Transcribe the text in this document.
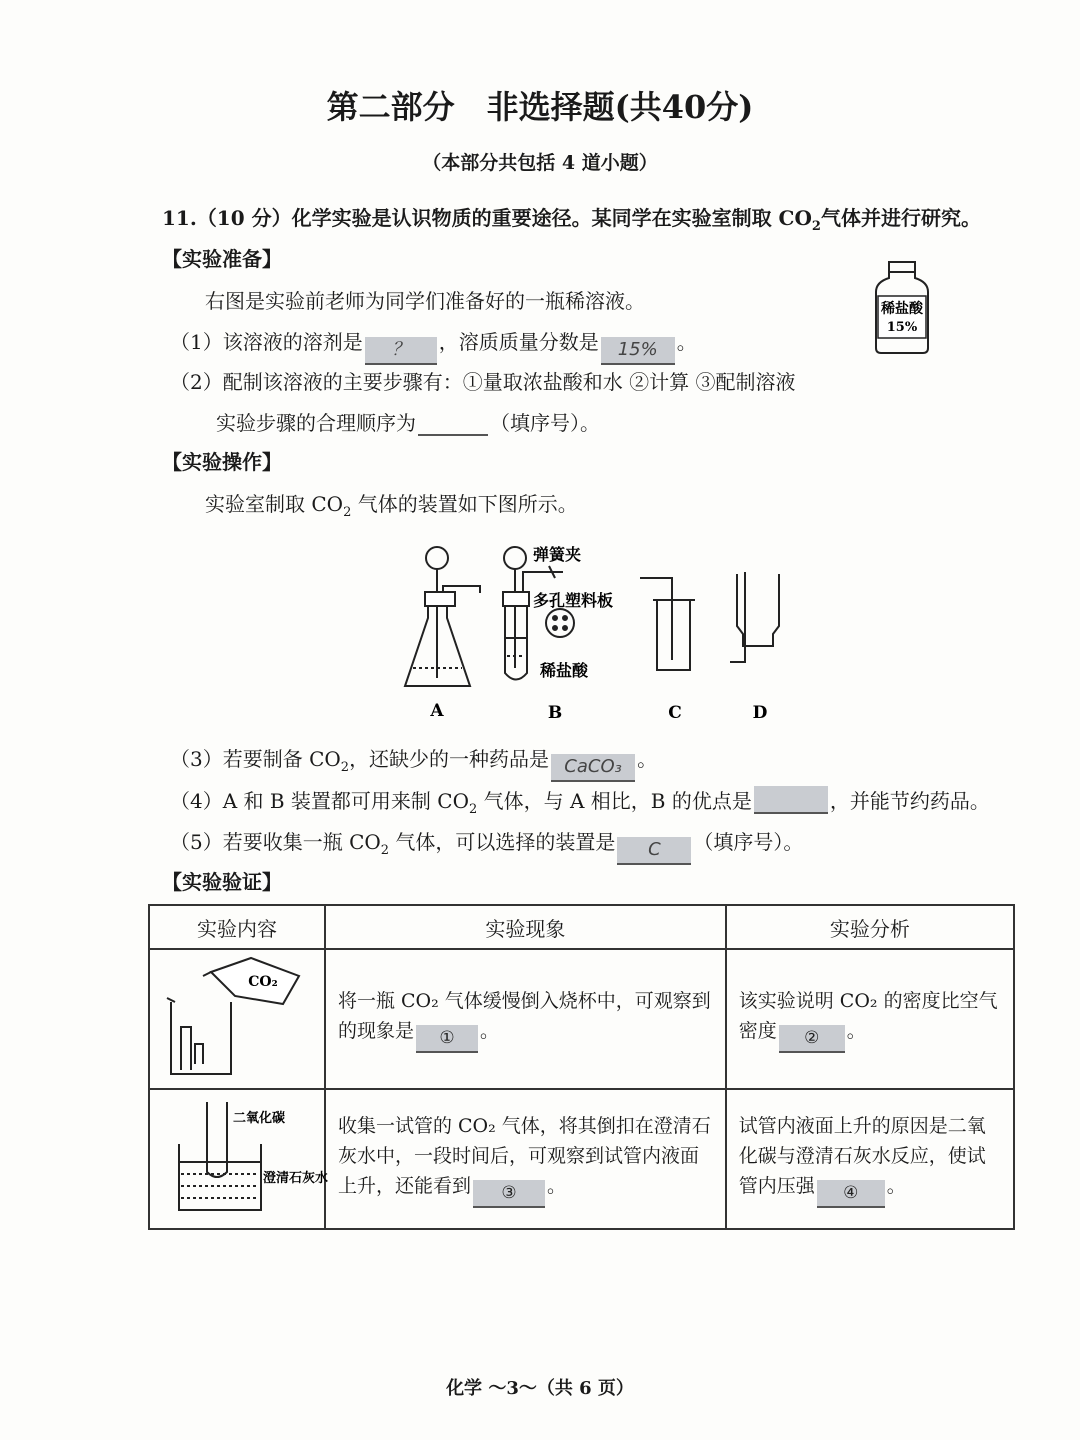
第二部分　非选择题(共40分)
（本部分共包括 4 道小题）
11.（10 分）化学实验是认识物质的重要途径。某同学在实验室制取 $CO_2$气体并进行研究。
【实验准备】
右图是实验前老师为同学们准备好的一瓶稀溶液。	稀盐酸
15%
（1）该溶液的溶剂是 ？ ，溶质质量分数是 15% 。
（2）配制该溶液的主要步骤有：①量取浓盐酸和水 ②计算 ③配制溶液
实验步骤的合理顺序为	（填序号）。
【实验操作】
实验室制取 $CO_2$ 气体的装置如下图所示。
A
弹簧夹
多孔塑料板
稀盐酸
B	C	D
（3）若要制备 $CO_2$，还缺少的一种药品是 CaCO₃ 。
（4）A 和 B 装置都可用来制 $CO_2$ 气体，与 A 相比，B 的优点是	，并能节约药品。
（5）若要收集一瓶 $CO_2$ 气体，可以选择的装置是 C （填序号）。
【实验验证】
实验内容	实验现象	实验分析

CO₂	将一瓶 CO₂ 气体缓慢倒入烧杯中，可观察到的现象是 ① 。	该实验说明 CO₂ 的密度比空气密度 ② 。

二氧化碳
澄清石灰水	收集一试管的 CO₂ 气体，将其倒扣在澄清石灰水中，一段时间后，可观察到试管内液面上升，还能看到 ③ 。	试管内液面上升的原因是二氧化碳与澄清石灰水反应，使试管内压强 ④ 。
化学 ～3～（共 6 页）
